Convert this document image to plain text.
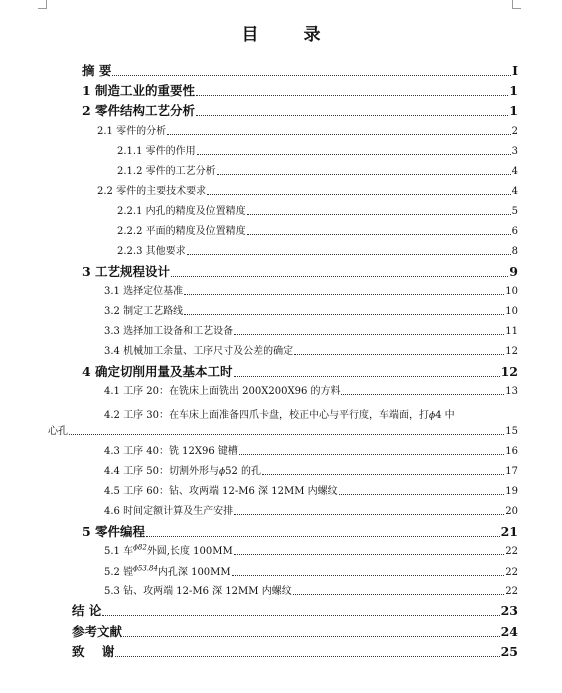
目　录
摘 要	I
1 制造工业的重要性	1
2 零件结构工艺分析	1
2.1 零件的分析	2
2.1.1 零件的作用	3
2.1.2 零件的工艺分析	4
2.2 零件的主要技术要求	4
2.2.1 内孔的精度及位置精度	5
2.2.2 平面的精度及位置精度	6
2.2.3 其他要求	8
3 工艺规程设计	9
3.1 选择定位基准	10
3.2 制定工艺路线	10
3.3 选择加工设备和工艺设备	11
3.4 机械加工余量、工序尺寸及公差的确定	12
4 确定切削用量及基本工时	12
4.1 工序 20：在铣床上面铣出 200X200X96 的方料	13
4.2 工序 30：在车床上面准备四爪卡盘，校正中心与平行度，车端面，打ϕ4 中
心孔	15
4.3 工序 40：铣 12X96 键槽	16
4.4 工序 50：切割外形与ϕ52 的孔	17
4.5 工序 60：钻、攻两端 12-M6 深 12MM 内螺纹	19
4.6 时间定额计算及生产安排	20
5 零件编程	21
5.1 车$^{\phi 82}$外圆,长度 100MM	22
5.2 镗$^{\phi 53.84}$内孔深 100MM	22
5.3 钻、攻两端 12-M6 深 12MM 内螺纹	22
结 论	23
参考文献	24
致    谢	25
